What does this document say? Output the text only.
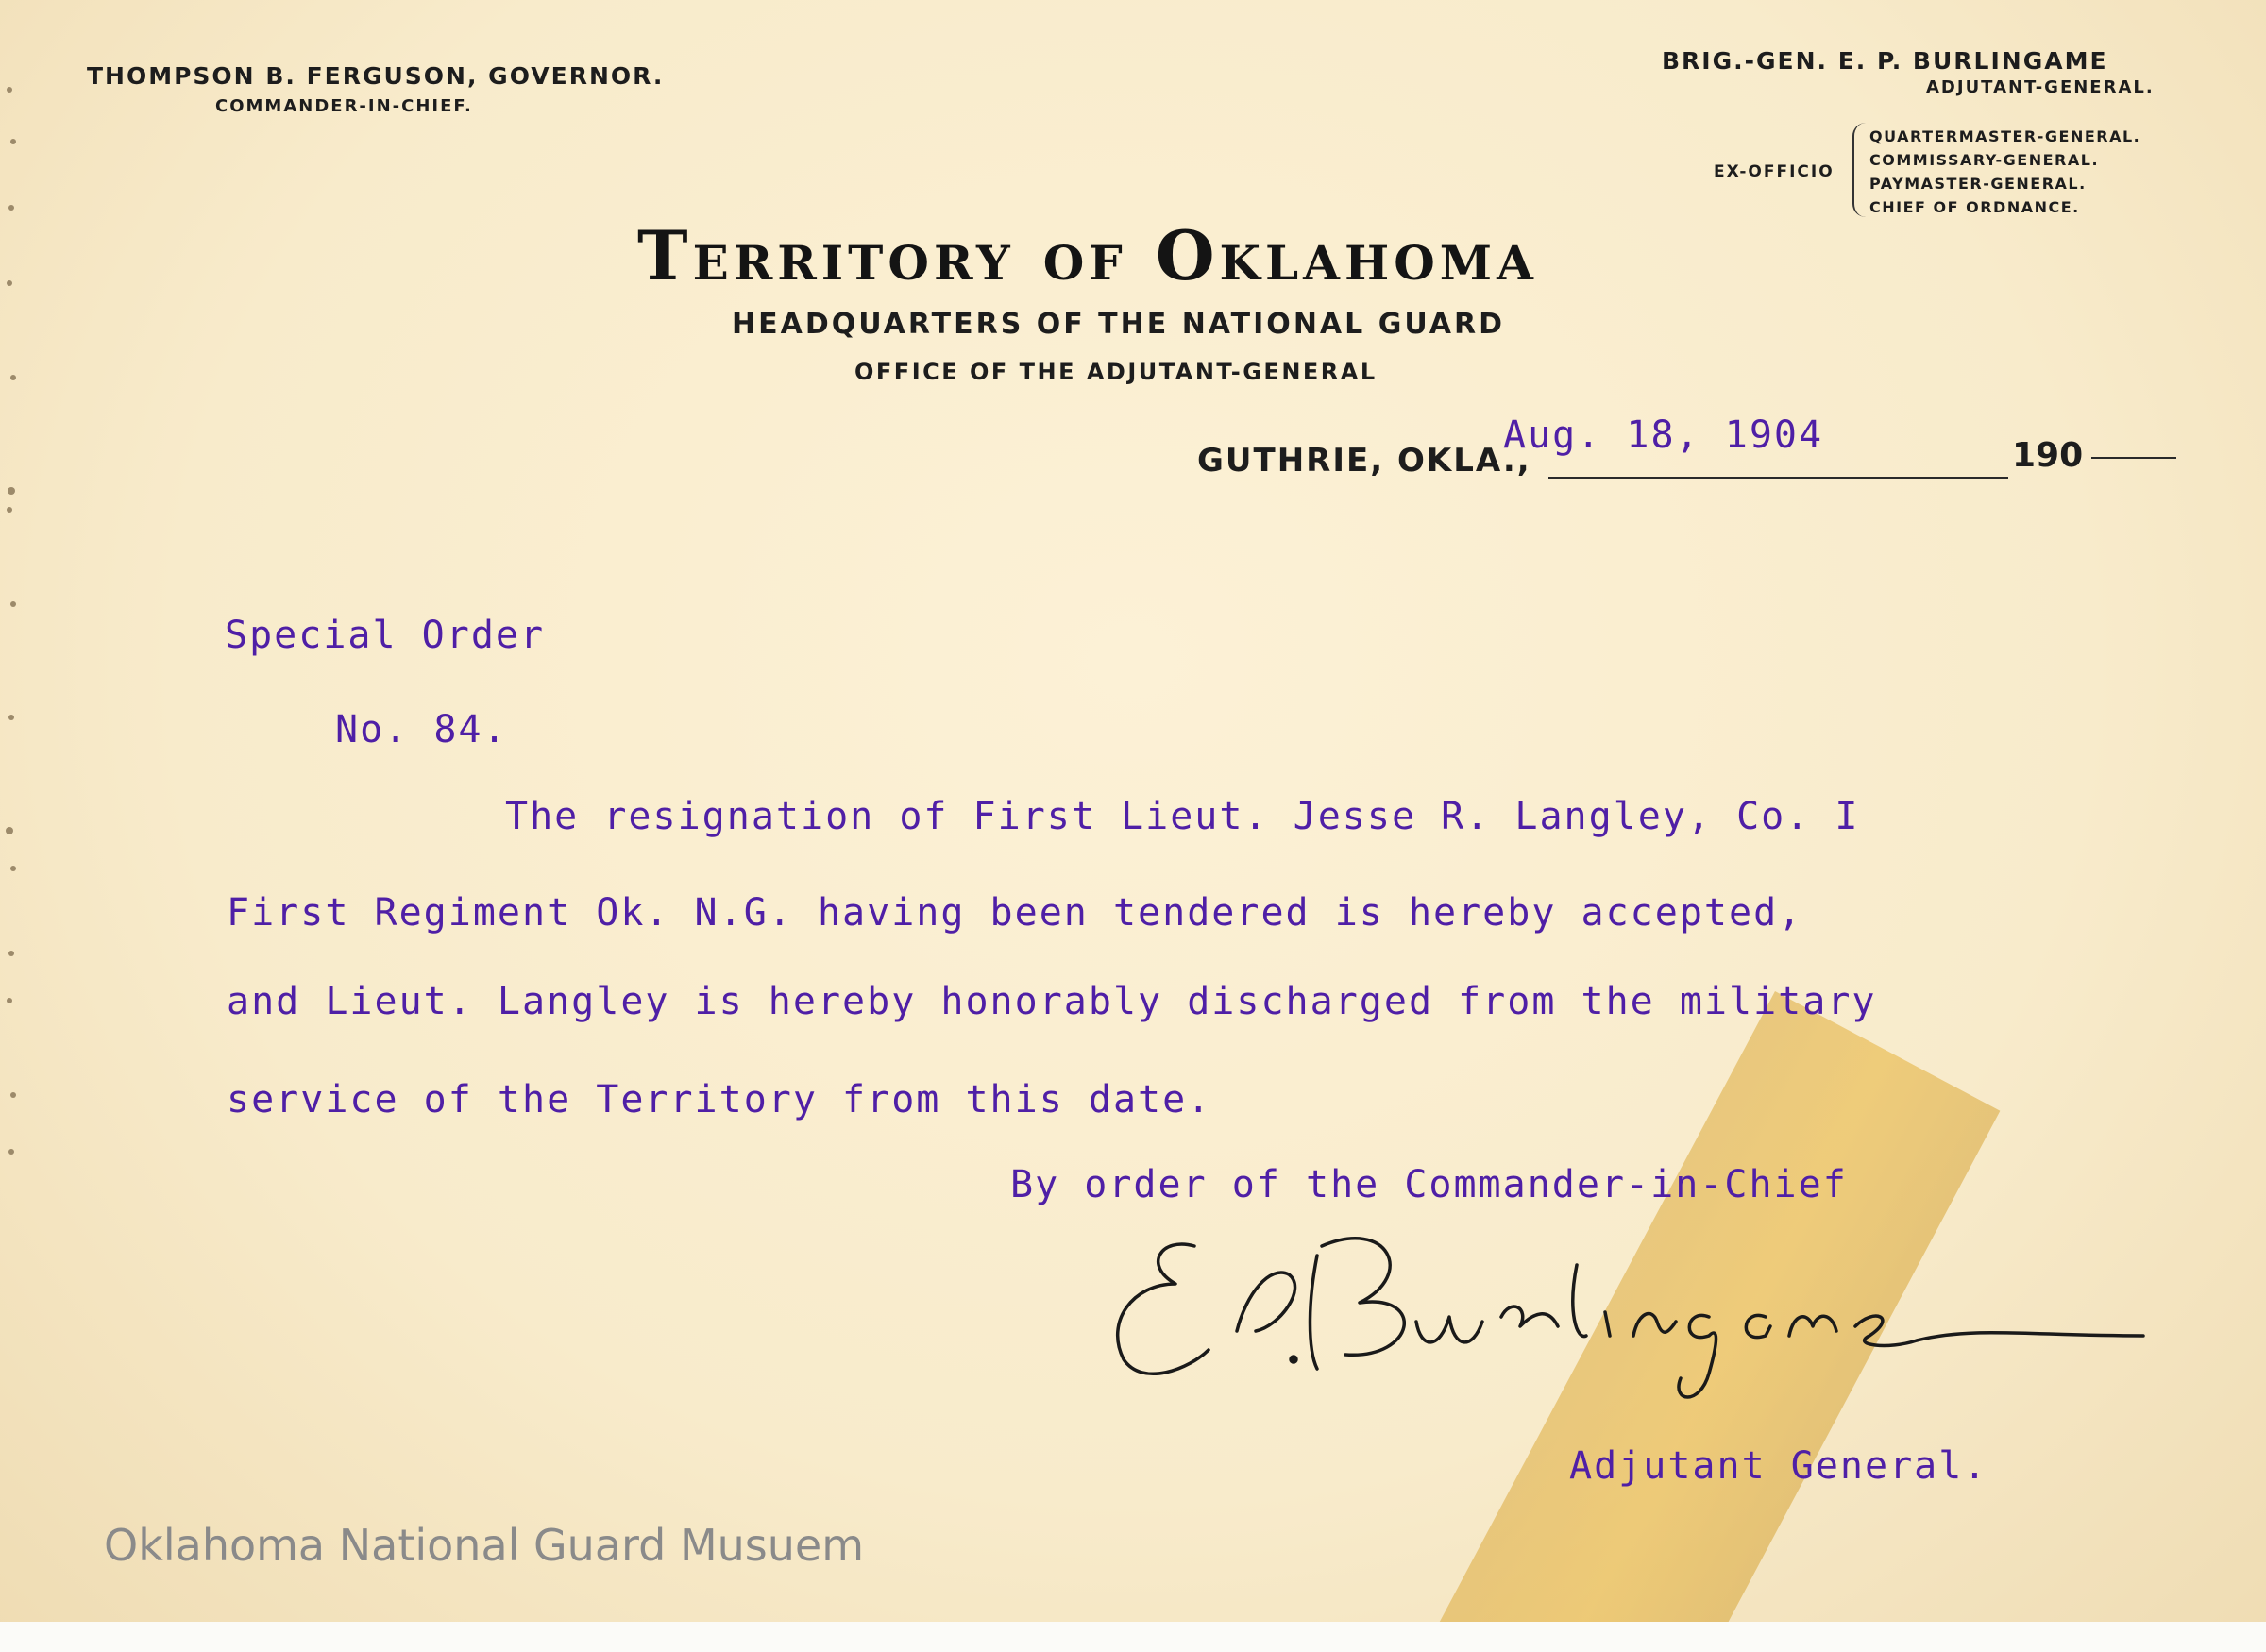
THOMPSON B. FERGUSON, GOVERNOR.
COMMANDER-IN-CHIEF.
BRIG.-GEN. E. P. BURLINGAME
ADJUTANT-GENERAL.
EX-OFFICIO
QUARTERMASTER-GENERAL.
COMMISSARY-GENERAL.
PAYMASTER-GENERAL.
CHIEF OF ORDNANCE.
Territory of Oklahoma
HEADQUARTERS OF THE NATIONAL GUARD
OFFICE OF THE ADJUTANT-GENERAL
GUTHRIE, OKLA.,	190
Aug. 18, 1904
Special Order
No. 84.
The resignation of First Lieut. Jesse R. Langley, Co. I
First Regiment Ok. N.G. having been tendered is hereby accepted,
and Lieut. Langley is hereby honorably discharged from the military
service of the Territory from this date.
By order of the Commander-in-Chief
Adjutant General.
Oklahoma National Guard Musuem
